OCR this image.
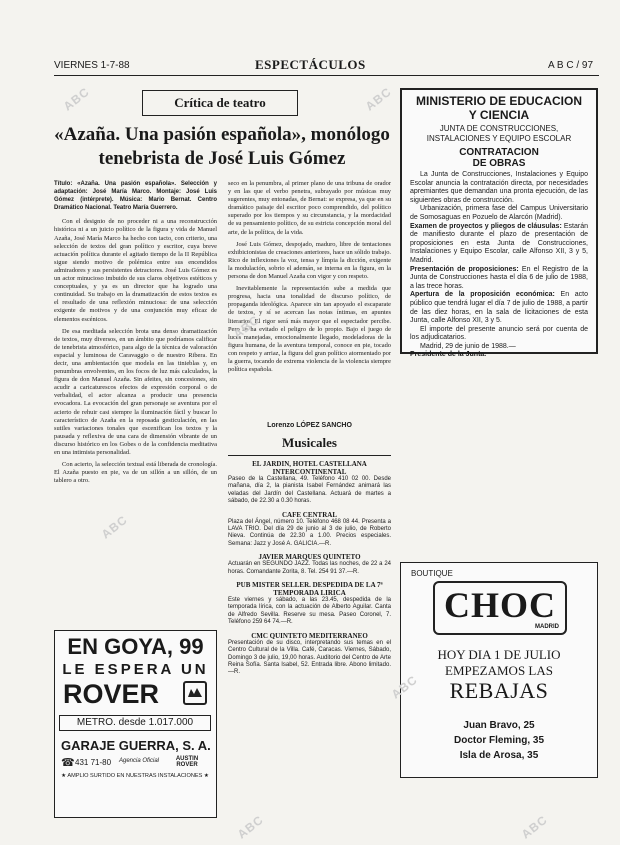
VIERNES 1-7-88	ESPECTÁCULOS	A B C / 97
Crítica de teatro
«Azaña. Una pasión española», monólogo
tenebrista de José Luis Gómez
Título: «Azaña. Una pasión española». Selección y adaptación: José María Marco. Montaje: José Luis Gómez (intérprete). Música: Mario Bernat. Centro Dramático Nacional. Teatro María Guerrero.
Con el designio de no proceder ni a una reconstrucción histórica ni a un juicio político de la figura y vida de Manuel Azaña, José María Marco ha hecho con tacto, con criterio, una selección de textos del gran político y escritor, cuya breve actuación política durante el agitado tiempo de la II República sigue siendo motivo de polémica entre sus encendidos admiradores y sus persistentes detractores. José Luis Gómez es un actor minucioso imbuido de sus claros objetivos estéticos y conceptuales, y ya es un director que ha logrado una continuidad. Su trabajo en la dramatización de estos textos es el resultado de una reflexión minuciosa: de una selección exigente de motivos y de una conjunción muy eficaz de elementos escénicos.
De esa meditada selección brota una denso dramatización de textos, muy diversos, en un ámbito que podríamos calificar de tenebrista atmosférico, para algo de la técnica de valoración espacial y luminosa de Caravaggio o de nuestro Ribera. En decir, una ambientación que modela en las tinieblas y, en penumbras envolventes, en los focos de luz más calculados, la figura de don Manuel Azaña. Sin afeites, sin concesiones, sin acudir a caricaturescos efectos de expresión corporal o de verbalidad, el actor alcanza a producir una presencia evocadora. La evocación del gran personaje se aventura por el acierto de rehuir casi siempre la iluminación fácil y buscar lo característico de Azaña en la reposada gesticulación, en las sutiles variaciones tonales que escenifican los textos y la pausada y reflexiva de una cara de dimensión vibrante de un discurso histórico en los Gobes o de la confidencia meditativa en una intimista personalidad.
Con acierto, la selección textual está liberada de cronología. El Azaña puesto en pie, va de un sillón a un sillón, de un tablero a otro.
seco en la penumbra, al primer plano de una tribuna de orador y en las que el verbo penetra, subrayado por músicas muy sugerentes, muy entonadas, de Bernat: se expresa, ya que en su dramático paisaje del escritor poco comprendido, del político superado por los tiempos y su circunstancia, y la mordacidad de su pensamiento político, de su estricta concepción moral del arte, de la política, de la vida.
José Luis Gómez, despojado, maduro, libre de tentaciones exhibicionistas de creaciones anteriores, hace un sólido trabajo. Rico de inflexiones la voz, tensa y límpia la dicción, exigente la modulación, sobrio el ademán, se interna en la figura, en la persona de don Manuel Azaña con vigor y con respeto.
Inevitablemente la representación sube a medida que progresa, hacia una tonalidad de discurso político, de propaganda ideológica. Aparece sin tan apoyado el escaparate de textos, y sí se acercan las notas íntimas, en apuntes literarios. El rigor será más mayor que el espectador percibe. Pero se ha evitado el peligro de lo propio. Bajo el juego de luces manejadas, emocionalmente llegado, modeladoras de la figura humana, de la aventura temporal, conoce en pie, tocado con respeto y arriaz, la figura del gran político atormentado por la guerra, tocando de extrema violencia de la violencia siempre política española.
Lorenzo LÓPEZ SANCHO
Musicales
EL JARDIN, HOTEL CASTELLANA INTERCONTINENTAL
Paseo de la Castellana, 49. Teléfono 410 02 00. Desde mañana, día 2, la pianista Isabel Fernández animará las veladas del Jardín del Castellana. Actuará de martes a sábado, de 22.30 a 0.30 horas.
CAFE CENTRAL
Plaza del Ángel, número 10. Teléfono 468 08 44. Presenta a LAVA TRIO. Del día 29 de junio al 3 de julio, de Roberto Nieva. Continúa de 22.30 a 1.00. Precios especiales. Semana: Jazz y José A. GALICIA.—R.
JAVIER MARQUES QUINTETO
Actuarán en SEGUNDO JAZZ. Todas las noches, de 22 a 24 horas. Comandante Zorita, 8. Tel. 254 91 37.—R.
PUB MISTER SELLER. DESPEDIDA DE LA 7ª TEMPORADA LIRICA
Este viernes y sábado, a las 23.45, despedida de la temporada lírica, con la actuación de Alberto Aguilar. Canta de Alfredo Sevilla. Reserve su mesa. Paseo Coronel, 7. Teléfono 259 64 74.—R.
CMC QUINTETO MEDITERRANEO
Presentación de su disco, interpretando sus temas en el Centro Cultural de la Villa. Café, Caracas. Viernes, Sábado, Domingo 3 de julio, 19,00 horas. Auditorio del Centro de Arte Reina Sofía. Santa Isabel, 52. Entrada libre. Abono limitado.—R.
EN GOYA, 99
LE ESPERA UN
ROVER
METRO. desde 1.017.000
GARAJE GUERRA, S. A.
☎ 431 71-80 Agencia Oficial	AUSTIN ROVER
★ AMPLIO SURTIDO EN NUESTRAS INSTALACIONES ★
MINISTERIO DE EDUCACION
Y CIENCIA
JUNTA DE CONSTRUCCIONES,
INSTALACIONES Y EQUIPO ESCOLAR
CONTRATACION
DE OBRAS
La Junta de Construcciones, Instalaciones y Equipo Escolar anuncia la contratación directa, por necesidades apremiantes que demandan una pronta ejecución, de las siguientes obras de construcción.
Urbanización, primera fase del Campus Universitario de Somosaguas en Pozuelo de Alarcón (Madrid).
Examen de proyectos y pliegos de cláusulas: Estarán de manifiesto durante el plazo de presentación de proposiciones en esta Junta de Construcciones, Instalaciones y Equipo Escolar, calle Alfonso XII, 3 y 5, Madrid.
Presentación de proposiciones: En el Registro de la Junta de Construcciones hasta el día 6 de julio de 1988, a las trece horas.
Apertura de la proposición económica: En acto público que tendrá lugar el día 7 de julio de 1988, a partir de las diez horas, en la sala de licitaciones de esta Junta, calle Alfonso XII, 3 y 5.
El importe del presente anuncio será por cuenta de los adjudicatarios.
Madrid, 29 de junio de 1988.—
Presidente de la Junta.
BOUTIQUE
CHOC
MADRID
HOY DIA 1 DE JULIO
EMPEZAMOS LAS
REBAJAS
Juan Bravo, 25
Doctor Fleming, 35
Isla de Arosa, 35
ABC
ABC
ABC
ABC
ABC
ABC	ABC
